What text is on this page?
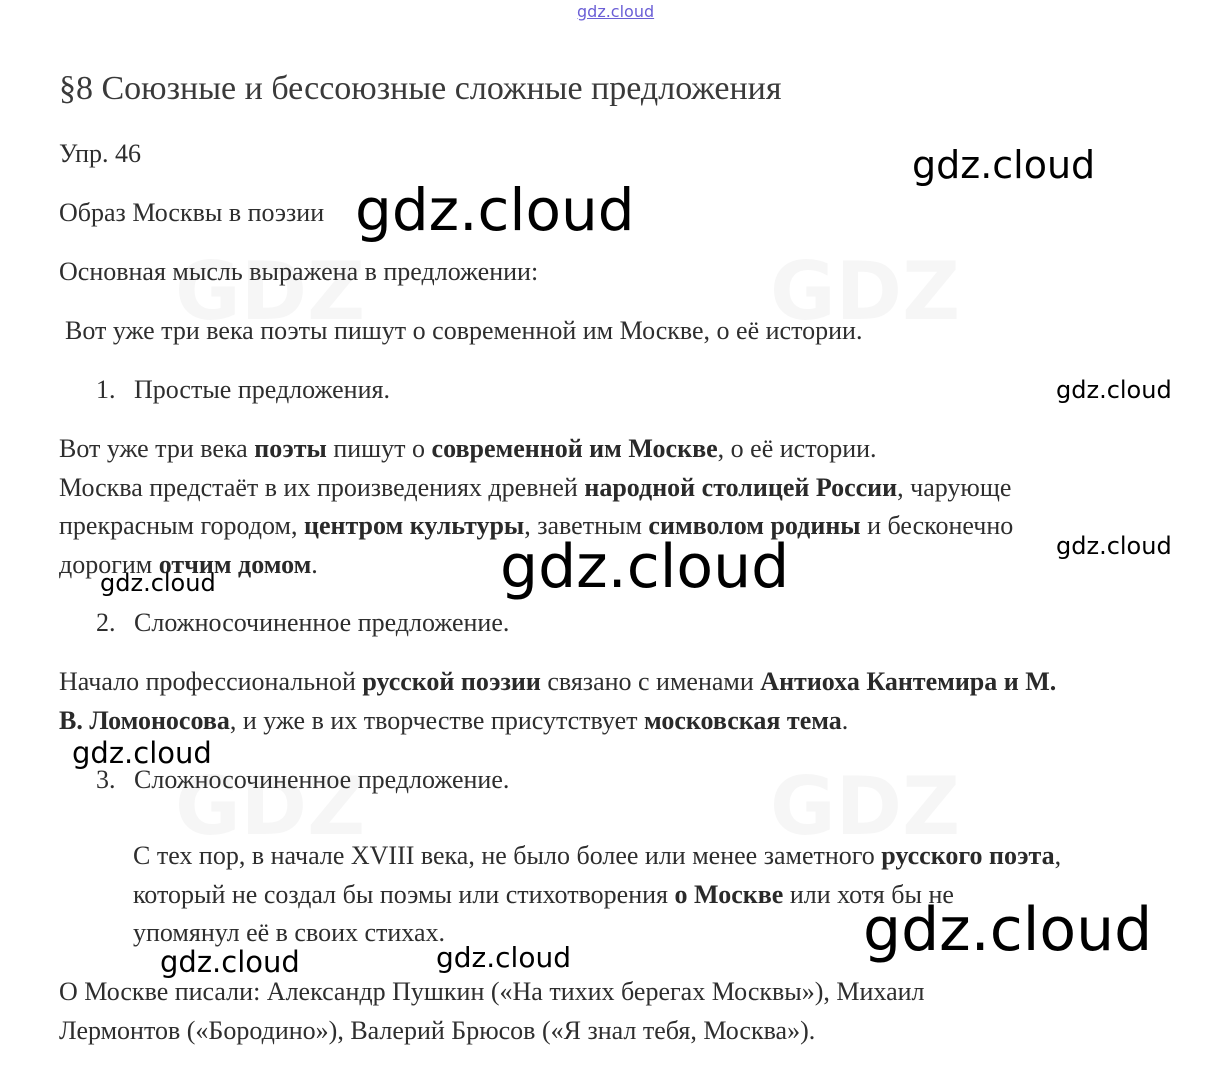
gdz.cloud
§8 Союзные и бессоюзные сложные предложения
Упр. 46
Образ Москвы в поэзии
Основная мысль выражена в предложении:
Вот уже три века поэты пишут о современной им Москве, о её истории.
1. Простые предложения.
Вот уже три века поэты пишут о современной им Москве, о её истории.
Москва предстаёт в их произведениях древней народной столицей России, чарующе
прекрасным городом, центром культуры, заветным символом родины и бесконечно
дорогим отчим домом.
2. Сложносочиненное предложение.
Начало профессиональной русской поэзии связано с именами Антиоха Кантемира и М.
В. Ломоносова, и уже в их творчестве присутствует московская тема.
3. Сложносочиненное предложение.
С тех пор, в начале XVIII века, не было более или менее заметного русского поэта,
который не создал бы поэмы или стихотворения о Москве или хотя бы не
упомянул её в своих стихах.
О Москве писали: Александр Пушкин («На тихих берегах Москвы»), Михаил
Лермонтов («Бородино»), Валерий Брюсов («Я знал тебя, Москва»).
gdz.cloud
gdz.cloud
gdz.cloud
gdz.cloud
gdz.cloud
gdz.cloud
gdz.cloud
gdz.cloud
gdz.cloud
gdz.cloud
